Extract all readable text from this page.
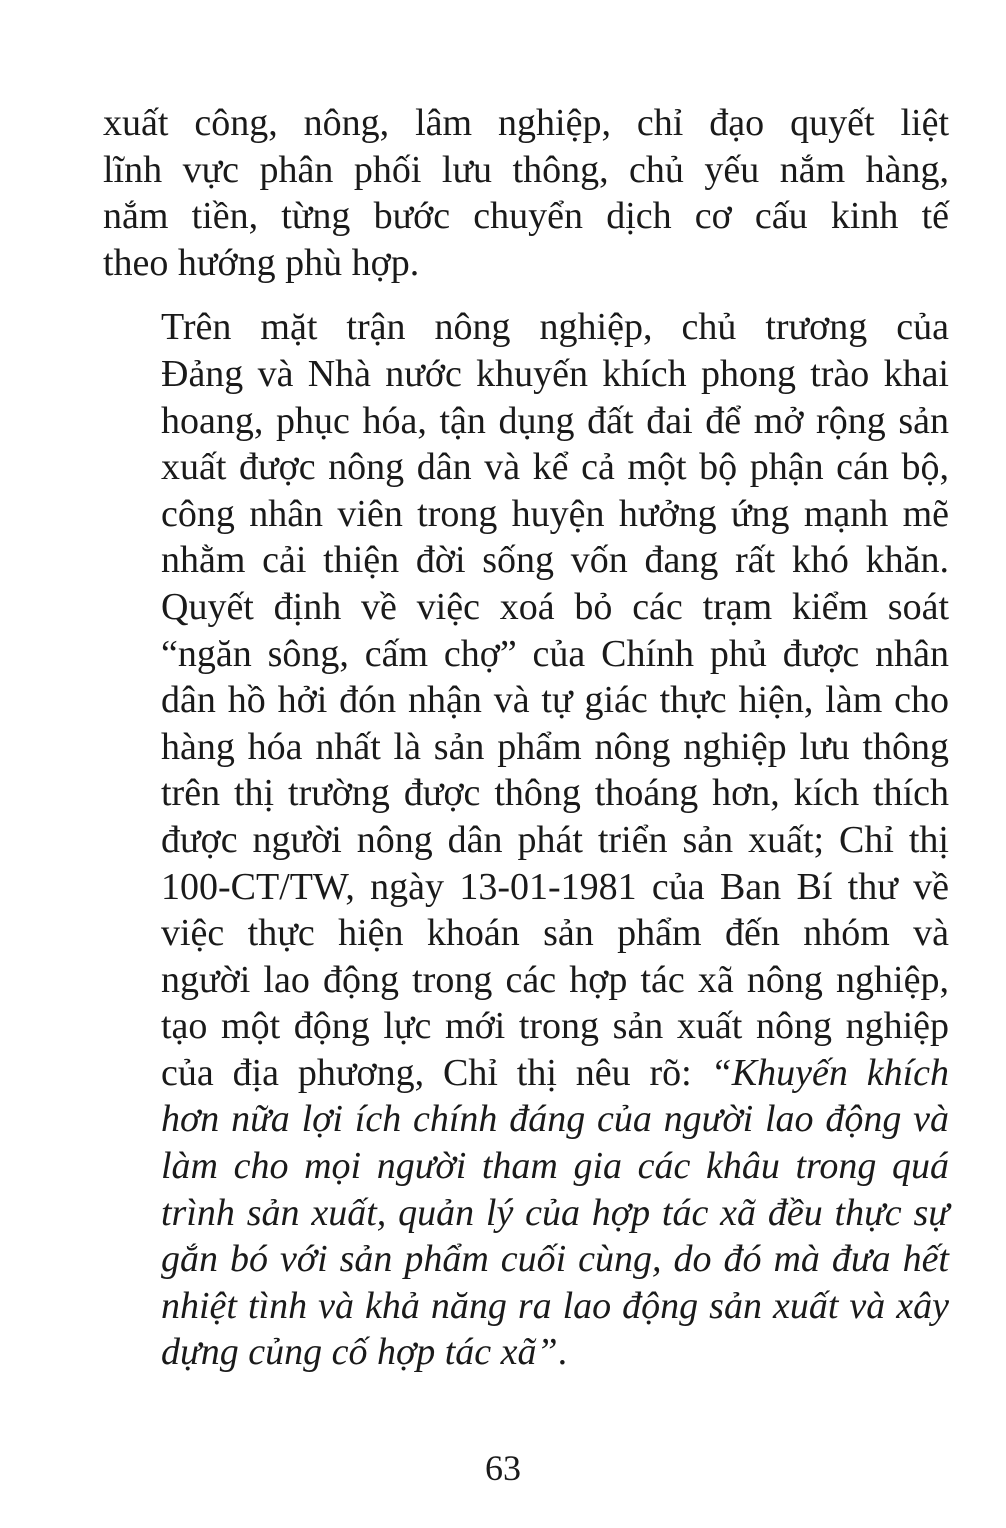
xuất công, nông, lâm nghiệp, chỉ đạo quyết liệt
lĩnh vực phân phối lưu thông, chủ yếu nắm hàng,
nắm tiền, từng bước chuyển dịch cơ cấu kinh tế
theo hướng phù hợp.

Trên mặt trận nông nghiệp, chủ trương của
Đảng và Nhà nước khuyến khích phong trào khai
hoang, phục hóa, tận dụng đất đai để mở rộng sản
xuất được nông dân và kể cả một bộ phận cán bộ,
công nhân viên trong huyện hưởng ứng mạnh mẽ
nhằm cải thiện đời sống vốn đang rất khó khăn.
Quyết định về việc xoá bỏ các trạm kiểm soát
“ngăn sông, cấm chợ” của Chính phủ được nhân
dân hồ hởi đón nhận và tự giác thực hiện, làm cho
hàng hóa nhất là sản phẩm nông nghiệp lưu thông
trên thị trường được thông thoáng hơn, kích thích
được người nông dân phát triển sản xuất; Chỉ thị
100-CT/TW, ngày 13-01-1981 của Ban Bí thư về
việc thực hiện khoán sản phẩm đến nhóm và
người lao động trong các hợp tác xã nông nghiệp,
tạo một động lực mới trong sản xuất nông nghiệp
của địa phương, Chỉ thị nêu rõ: “Khuyến khích
hơn nữa lợi ích chính đáng của người lao động và
làm cho mọi người tham gia các khâu trong quá
trình sản xuất, quản lý của hợp tác xã đều thực sự
gắn bó với sản phẩm cuối cùng, do đó mà đưa hết
nhiệt tình và khả năng ra lao động sản xuất và xây
dựng củng cố hợp tác xã”.

63
